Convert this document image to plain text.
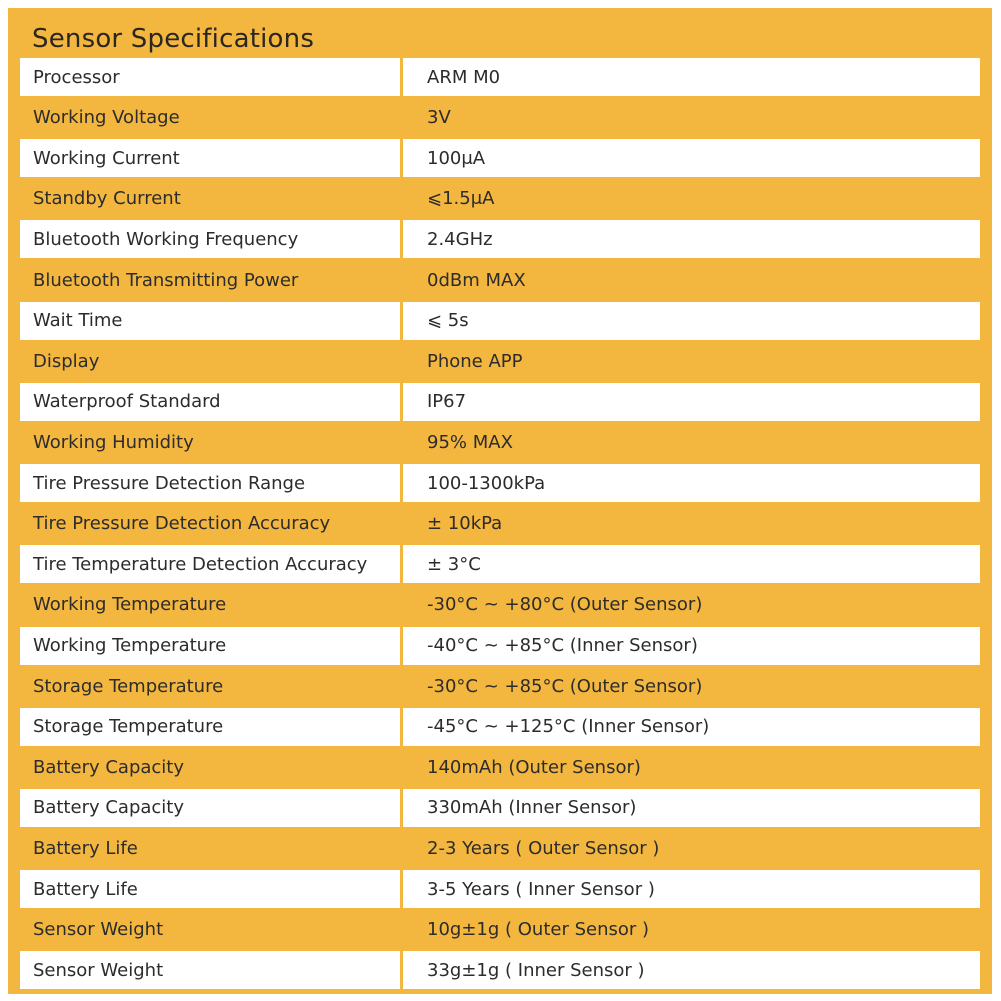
Sensor Specifications
Processor	ARM M0
Working Voltage	3V
Working Current	100μA
Standby Current	⩽1.5μA
Bluetooth Working Frequency	2.4GHz
Bluetooth Transmitting Power	0dBm MAX
Wait Time	⩽ 5s
Display	Phone APP
Waterproof Standard	IP67
Working Humidity	95% MAX
Tire Pressure Detection Range	100-1300kPa
Tire Pressure Detection Accuracy	± 10kPa
Tire Temperature Detection Accuracy	± 3°C
Working Temperature	-30°C ~ +80°C (Outer Sensor)
Working Temperature	-40°C ~ +85°C (Inner Sensor)
Storage Temperature	-30°C ~ +85°C (Outer Sensor)
Storage Temperature	-45°C ~ +125°C (Inner Sensor)
Battery Capacity	140mAh (Outer Sensor)
Battery Capacity	330mAh (Inner Sensor)
Battery Life	2-3 Years ( Outer Sensor )
Battery Life	3-5 Years ( Inner Sensor )
Sensor Weight	10g±1g ( Outer Sensor )
Sensor Weight	33g±1g ( Inner Sensor )
